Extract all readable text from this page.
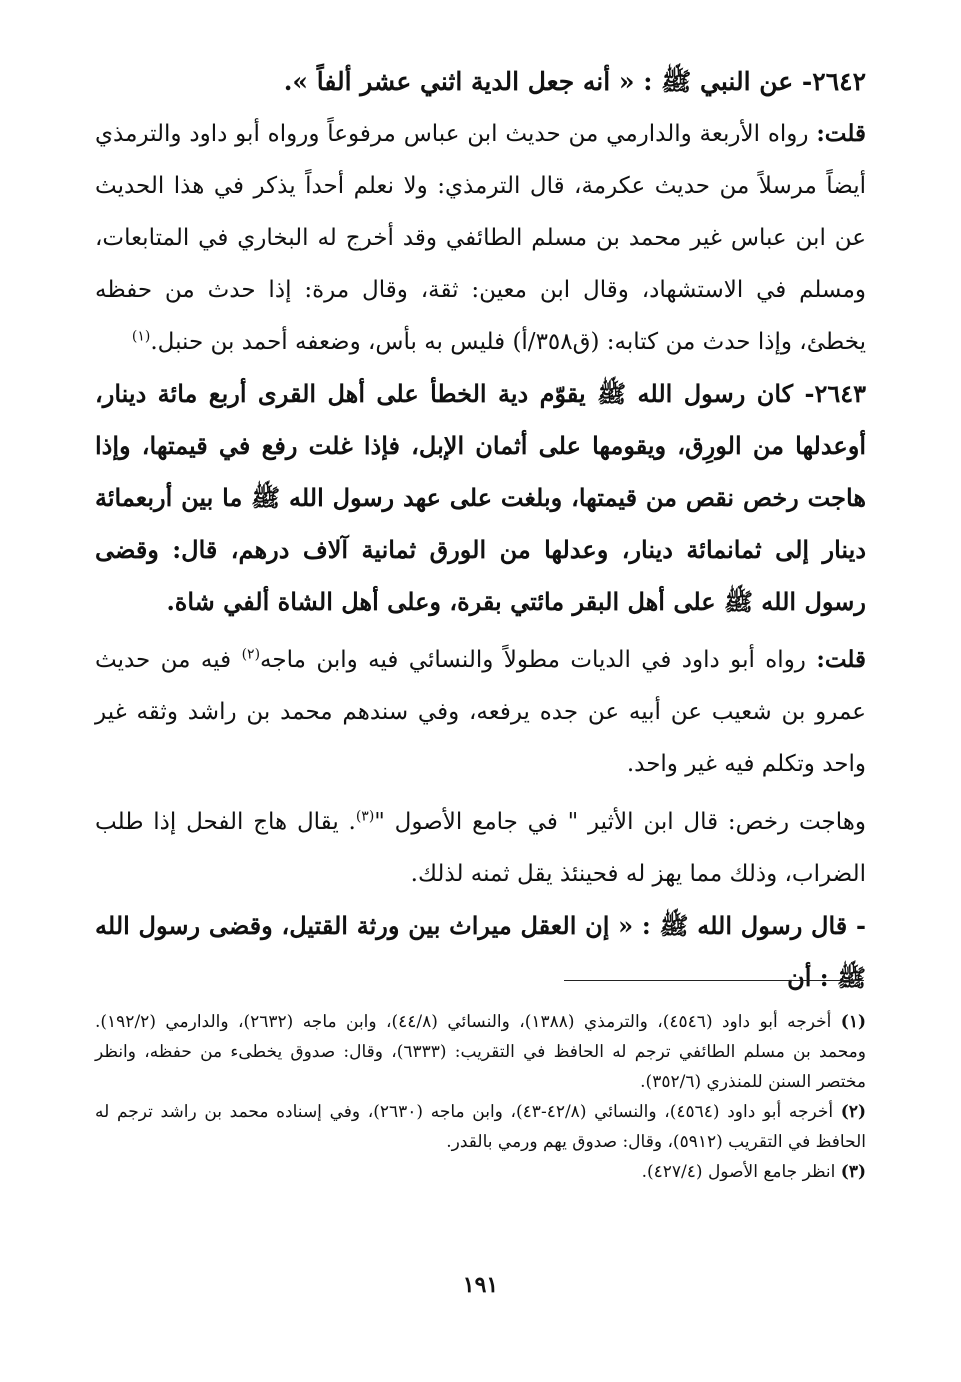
٢٦٤٢- عن النبي ﷺ : « أنه جعل الدية اثني عشر ألفاً ».

قلت: رواه الأربعة والدارمي من حديث ابن عباس مرفوعاً ورواه أبو داود والترمذي أيضاً مرسلاً من حديث عكرمة، قال الترمذي: ولا نعلم أحداً يذكر في هذا الحديث عن ابن عباس غير محمد بن مسلم الطائفي وقد أخرج له البخاري في المتابعات، ومسلم في الاستشهاد، وقال ابن معين: ثقة، وقال مرة: إذا حدث من حفظه يخطئ، وإذا حدث من كتابه: (ق٣٥٨/أ) فليس به بأس، وضعفه أحمد بن حنبل.$^{(١)}$

٢٦٤٣- كان رسول الله ﷺ يقوّم دية الخطأ على أهل القرى أربع مائة دينار، أوعدلها من الورِق، ويقومها على أثمان الإبل، فإذا غلت رفع في قيمتها، وإذا هاجت رخص نقص من قيمتها، وبلغت على عهد رسول الله ﷺ ما بين أربعمائة دينار إلى ثمانمائة دينار، وعدلها من الورق ثمانية آلاف درهم، قال: وقضى رسول الله ﷺ على أهل البقر مائتي بقرة، وعلى أهل الشاة ألفي شاة.

قلت: رواه أبو داود في الديات مطولاً والنسائي فيه وابن ماجه$^{(٢)}$ فيه من حديث عمرو بن شعيب عن أبيه عن جده يرفعه، وفي سندهم محمد بن راشد وثقه غير واحد وتكلم فيه غير واحد.

وهاجت رخص: قال ابن الأثير " في جامع الأصول "$^{(٣)}$. يقال هاج الفحل إذا طلب الضراب، وذلك مما يهز له فحينئذ يقل ثمنه لذلك.

- قال رسول الله ﷺ : « إن العقل ميراث بين ورثة القتيل، وقضى رسول الله ﷺ : أن

(١) أخرجه أبو داود (٤٥٤٦)، والترمذي (١٣٨٨)، والنسائي (٤٤/٨)، وابن ماجه (٢٦٣٢)، والدارمي (١٩٢/٢). ومحمد بن مسلم الطائفي ترجم له الحافظ في التقريب: (٦٣٣٣)، وقال: صدوق يخطىء من حفظه، وانظر مختصر السنن للمنذري (٣٥٢/٦).

(٢) أخرجه أبو داود (٤٥٦٤)، والنسائي (٤٢/٨-٤٣)، وابن ماجه (٢٦٣٠)، وفي إسناده محمد بن راشد ترجم له الحافظ في التقريب (٥٩١٢)، وقال: صدوق يهم ورمي بالقدر.

(٣) انظر جامع الأصول (٤٢٧/٤).

١٩١
